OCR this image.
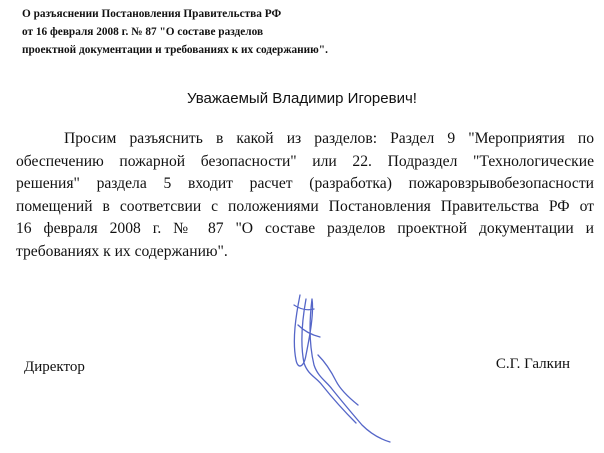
О разъяснении Постановления Правительства РФ
от 16 февраля 2008 г. № 87 "О составе разделов
проектной документации и требованиях к их содержанию".
Уважаемый Владимир Игоревич!
Просим разъяснить в какой из разделов: Раздел 9 "Мероприятия по
обеспечению пожарной безопасности" или 22. Подраздел "Технологические
решения" раздела 5 входит расчет (разработка) пожаровзрывобезопасности
помещений в соответсвии с положениями Постановления Правительства РФ от
16 февраля 2008 г. № 87 "О составе разделов проектной документации и
требованиях к их содержанию".
Директор	С.Г. Галкин
